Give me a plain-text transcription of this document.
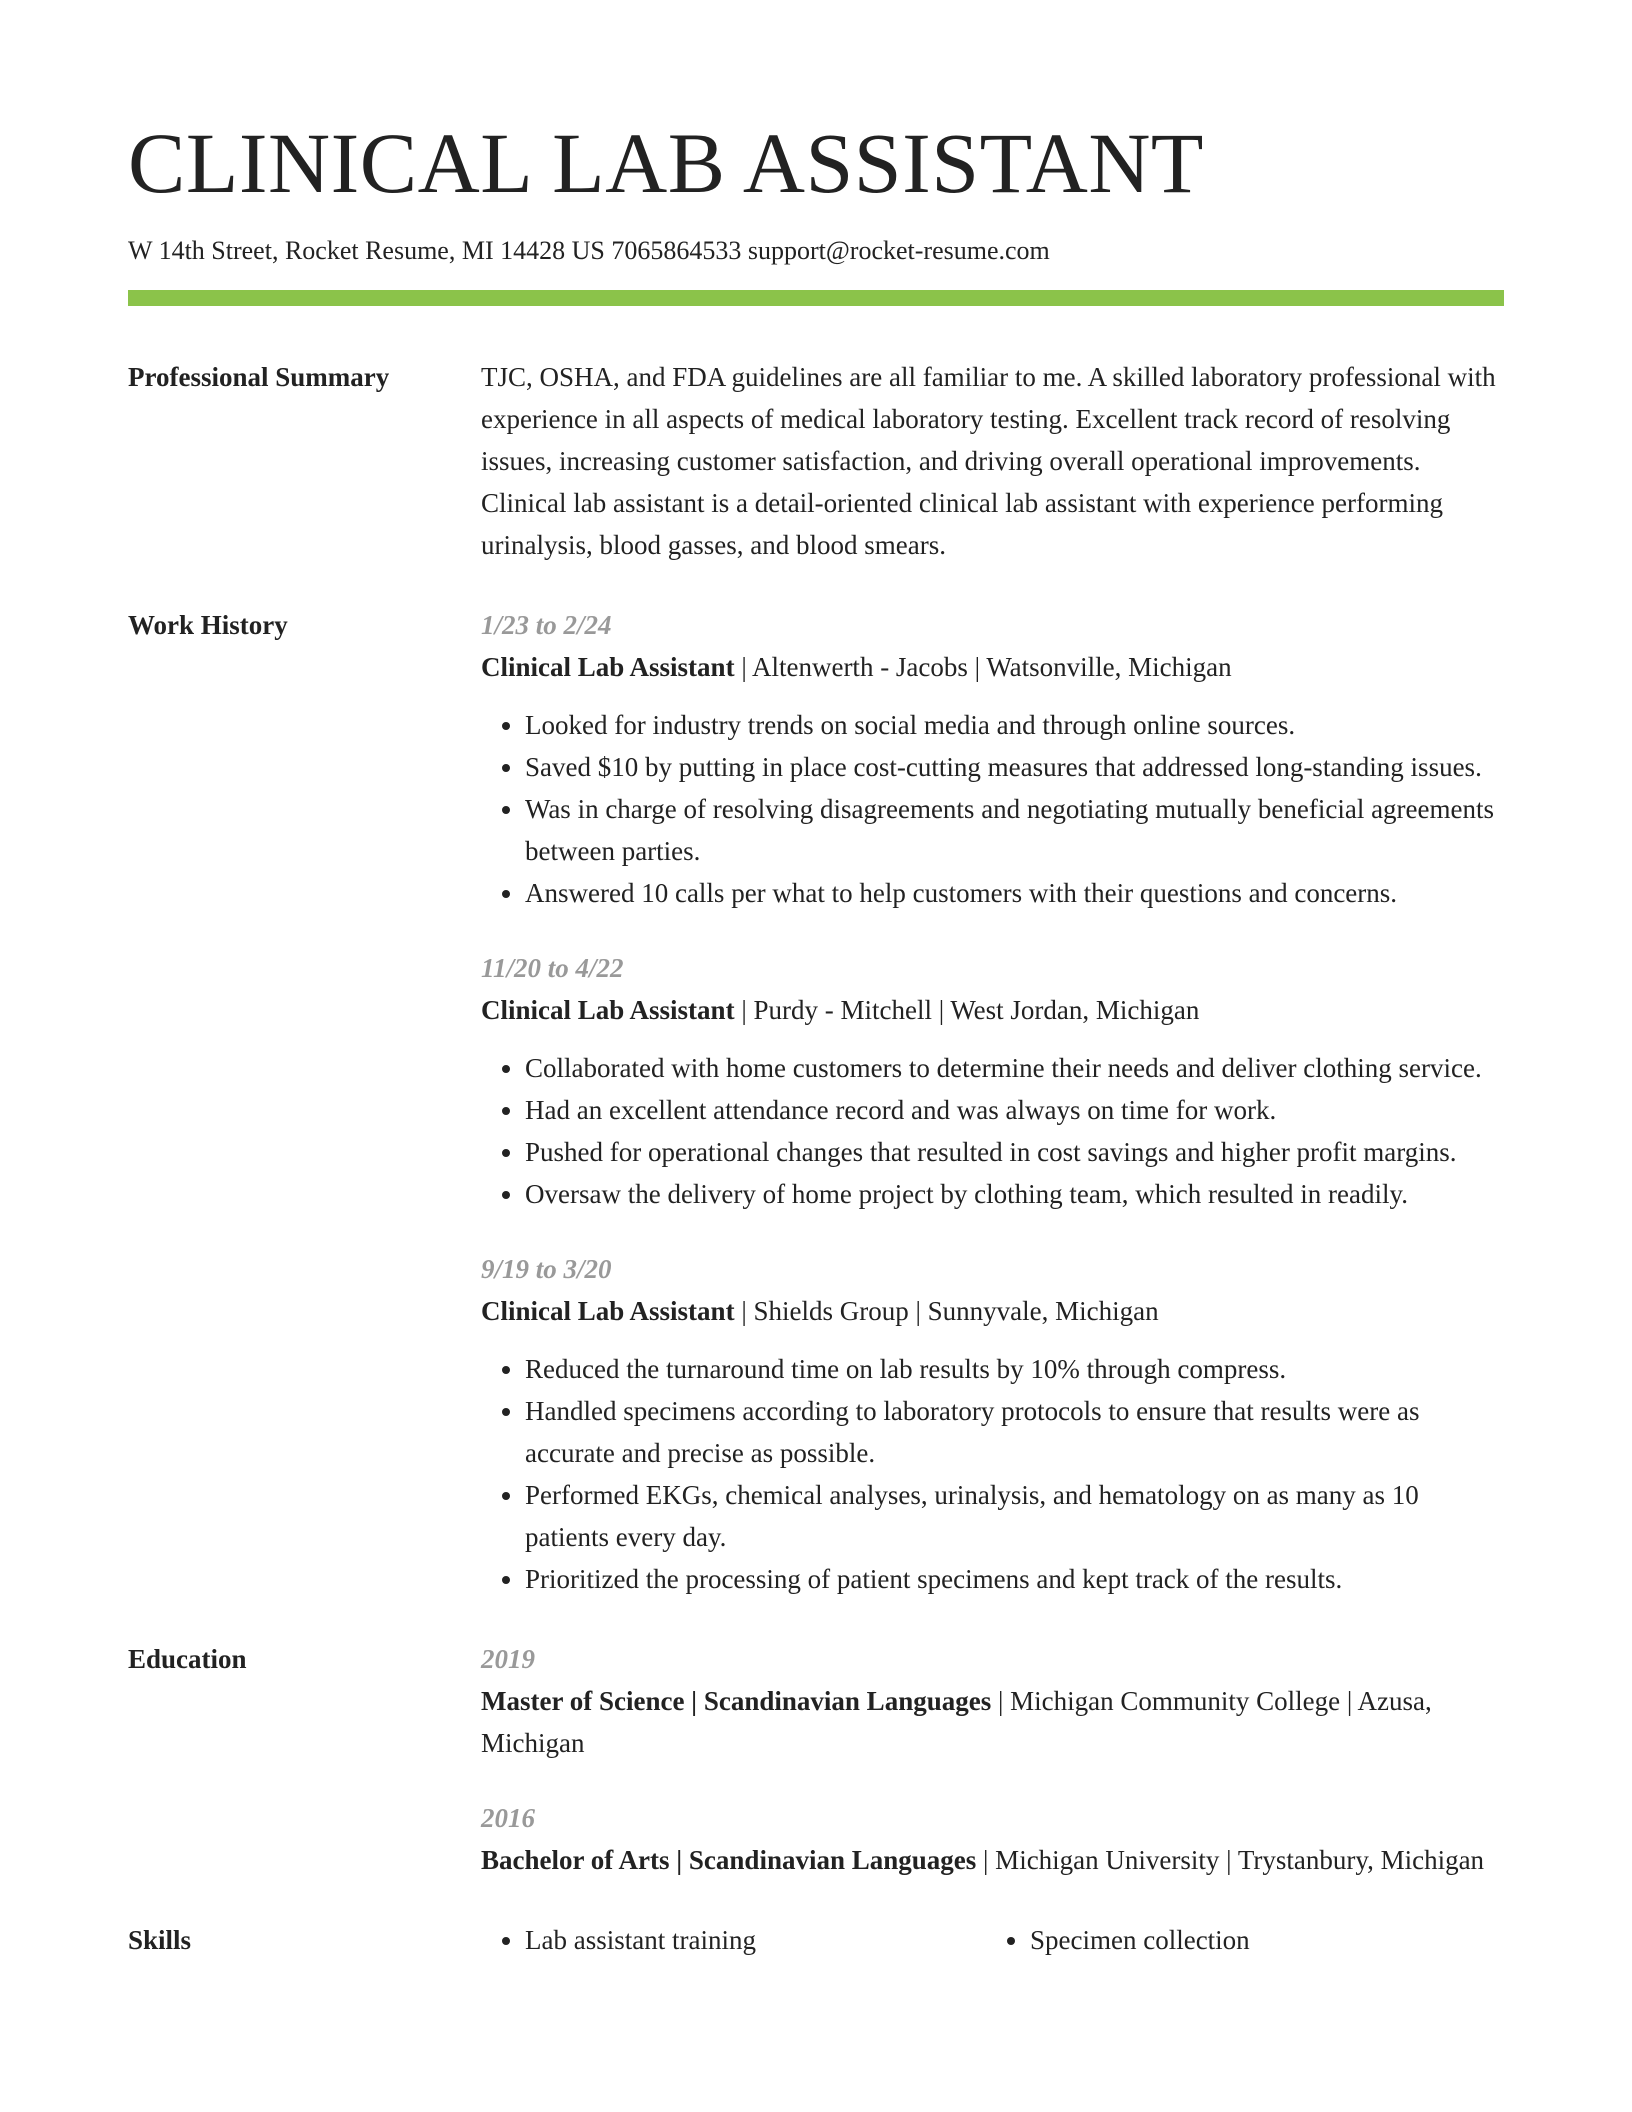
CLINICAL LAB ASSISTANT
W 14th Street, Rocket Resume, MI 14428 US 7065864533 support@rocket-resume.com
Professional Summary	TJC, OSHA, and FDA guidelines are all familiar to me. A skilled laboratory professional with experience in all aspects of medical laboratory testing. Excellent track record of resolving issues, increasing customer satisfaction, and driving overall operational improvements. Clinical lab assistant is a detail-oriented clinical lab assistant with experience performing urinalysis, blood gasses, and blood smears.
Work History	1/23 to 2/24
Clinical Lab Assistant | Altenwerth - Jacobs | Watsonville, Michigan
• Looked for industry trends on social media and through online sources.
• Saved $10 by putting in place cost-cutting measures that addressed long-standing issues.
• Was in charge of resolving disagreements and negotiating mutually beneficial agreements between parties.
• Answered 10 calls per what to help customers with their questions and concerns.
11/20 to 4/22
Clinical Lab Assistant | Purdy - Mitchell | West Jordan, Michigan
• Collaborated with home customers to determine their needs and deliver clothing service.
• Had an excellent attendance record and was always on time for work.
• Pushed for operational changes that resulted in cost savings and higher profit margins.
• Oversaw the delivery of home project by clothing team, which resulted in readily.
9/19 to 3/20
Clinical Lab Assistant | Shields Group | Sunnyvale, Michigan
• Reduced the turnaround time on lab results by 10% through compress.
• Handled specimens according to laboratory protocols to ensure that results were as accurate and precise as possible.
• Performed EKGs, chemical analyses, urinalysis, and hematology on as many as 10 patients every day.
• Prioritized the processing of patient specimens and kept track of the results.
Education	2019
Master of Science | Scandinavian Languages | Michigan Community College | Azusa, Michigan
2016
Bachelor of Arts | Scandinavian Languages | Michigan University | Trystanbury, Michigan
Skills	• Lab assistant training	• Specimen collection
